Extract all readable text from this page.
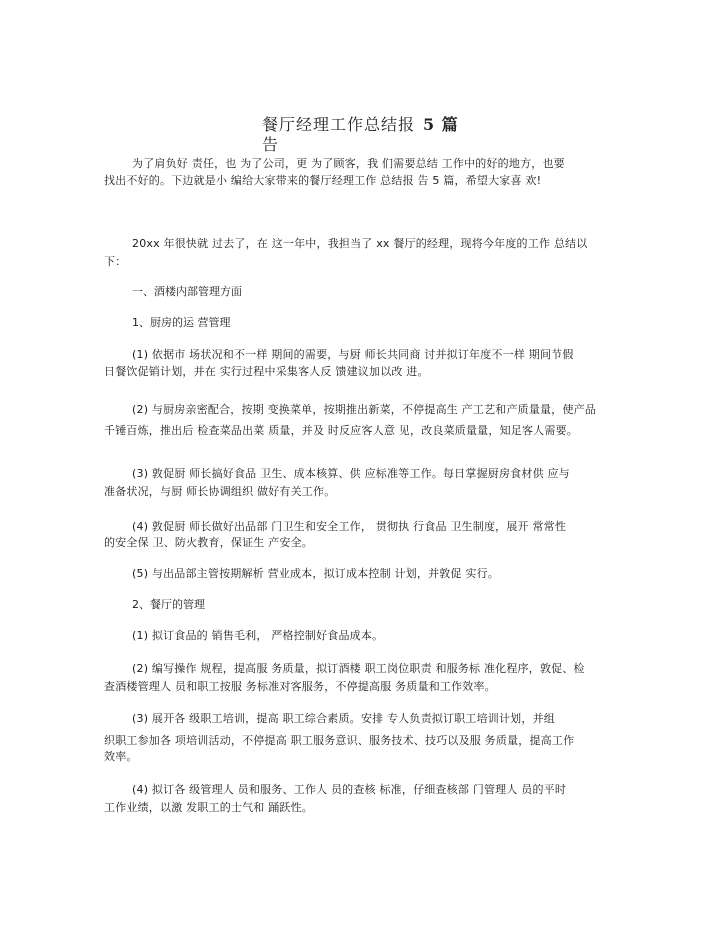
餐厅经理工作总结报 5 篇
告
为了肩负好 责任，也 为了公司，更 为了顾客，我 们需要总结 工作中的好的地方，也要
找出不好的。下边就是小 编给大家带来的餐厅经理工作 总结报 告 5 篇，希望大家喜 欢!
20xx 年很快就 过去了，在 这一年中，我担当了 xx 餐厅的经理，现将今年度的工作 总结以
下：
一、酒楼内部管理方面
1、厨房的运 营管理
(1) 依据市 场状况和不一样 期间的需要，与厨 师长共同商 讨并拟订年度不一样 期间节假
日餐饮促销计划，并在 实行过程中采集客人反 馈建议加以改 进。
(2) 与厨房亲密配合，按期 变换菜单，按期推出新菜，不停提高生 产工艺和产质量量，使产品
千锤百炼，推出后 检查菜品出菜 质量，并及 时反应客人意 见，改良菜质量量，知足客人需要。
(3) 敦促厨 师长搞好食品 卫生、成本核算、供 应标准等工作。每日掌握厨房食材供 应与
准备状况，与厨 师长协调组织 做好有关工作。
(4) 敦促厨 师长做好出品部 门卫生和安全工作， 贯彻执 行食品 卫生制度，展开 常常性
的安全保 卫、防火教育，保证生 产安全。
(5) 与出品部主管按期解析 营业成本，拟订成本控制 计划，并敦促 实行。
2、餐厅的管理
(1) 拟订食品的 销售毛利， 严格控制好食品成本。
(2) 编写操作 规程，提高服 务质量，拟订酒楼 职工岗位职责 和服务标 准化程序，敦促、检
查酒楼管理人 员和职工按服 务标准对客服务，不停提高服 务质量和工作效率。
(3) 展开各 级职工培训，提高 职工综合素质。安排 专人负责拟订职工培训计划，并组
织职工参加各 项培训活动，不停提高 职工服务意识、服务技术、技巧以及服 务质量，提高工作
效率。
(4) 拟订各 级管理人 员和服务、工作人 员的查核 标准，仔细查核部 门管理人 员的平时
工作业绩，以激 发职工的士气和 踊跃性。
